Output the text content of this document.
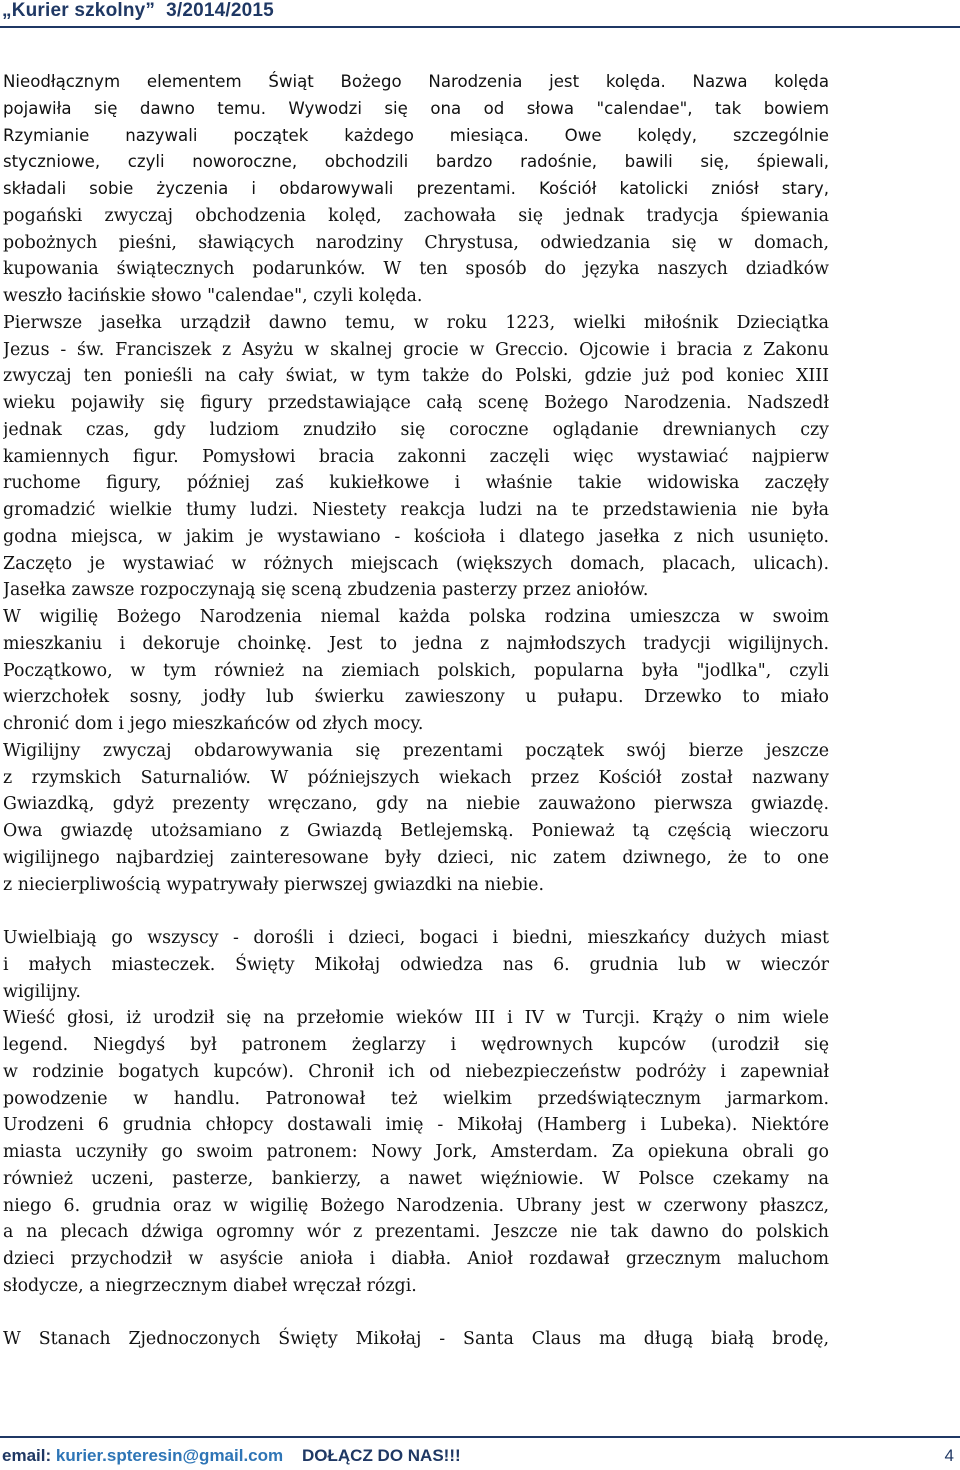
„Kurier szkolny”  3/2014/2015
Nieodłącznym elementem Świąt Bożego Narodzenia jest kolęda. Nazwa kolęda
pojawiła się dawno temu. Wywodzi się ona od słowa "calendae", tak bowiem
Rzymianie nazywali początek każdego miesiąca. Owe kolędy, szczególnie
styczniowe, czyli noworoczne, obchodzili bardzo radośnie, bawili się, śpiewali,
składali sobie życzenia i obdarowywali prezentami. Kościół katolicki zniósł stary,
pogański zwyczaj obchodzenia kolęd, zachowała się jednak tradycja śpiewania
pobożnych pieśni, sławiących narodziny Chrystusa, odwiedzania się w domach,
kupowania świątecznych podarunków. W ten sposób do języka naszych dziadków
weszło łacińskie słowo "calendae", czyli kolęda.
Pierwsze jasełka urządził dawno temu, w roku 1223, wielki miłośnik Dzieciątka
Jezus - św. Franciszek z Asyżu w skalnej grocie w Greccio. Ojcowie i bracia z Zakonu
zwyczaj ten ponieśli na cały świat, w tym także do Polski, gdzie już pod koniec XIII
wieku pojawiły się figury przedstawiające całą scenę Bożego Narodzenia. Nadszedł
jednak czas, gdy ludziom znudziło się coroczne oglądanie drewnianych czy
kamiennych figur. Pomysłowi bracia zakonni zaczęli więc wystawiać najpierw
ruchome figury, później zaś kukiełkowe i właśnie takie widowiska zaczęły
gromadzić wielkie tłumy ludzi. Niestety reakcja ludzi na te przedstawienia nie była
godna miejsca, w jakim je wystawiano - kościoła i dlatego jasełka z nich usunięto.
Zaczęto je wystawiać w różnych miejscach (większych domach, placach, ulicach).
Jasełka zawsze rozpoczynają się sceną zbudzenia pasterzy przez aniołów.
W wigilię Bożego Narodzenia niemal każda polska rodzina umieszcza w swoim
mieszkaniu i dekoruje choinkę. Jest to jedna z najmłodszych tradycji wigilijnych.
Początkowo, w tym również na ziemiach polskich, popularna była "jodlka", czyli
wierzchołek sosny, jodły lub świerku zawieszony u pułapu. Drzewko to miało
chronić dom i jego mieszkańców od złych mocy.
Wigilijny zwyczaj obdarowywania się prezentami początek swój bierze jeszcze
z rzymskich Saturnaliów. W późniejszych wiekach przez Kościół został nazwany
Gwiazdką, gdyż prezenty wręczano, gdy na niebie zauważono pierwsza gwiazdę.
Owa gwiazdę utożsamiano z Gwiazdą Betlejemską. Ponieważ tą częścią wieczoru
wigilijnego najbardziej zainteresowane były dzieci, nic zatem dziwnego, że to one
z niecierpliwością wypatrywały pierwszej gwiazdki na niebie.
Uwielbiają go wszyscy - dorośli i dzieci, bogaci i biedni, mieszkańcy dużych miast
i małych miasteczek. Święty Mikołaj odwiedza nas 6. grudnia lub w wieczór
wigilijny.
Wieść głosi, iż urodził się na przełomie wieków III i IV w Turcji. Krąży o nim wiele
legend. Niegdyś był patronem żeglarzy i wędrownych kupców (urodził się
w rodzinie bogatych kupców). Chronił ich od niebezpieczeństw podróży i zapewniał
powodzenie w handlu. Patronował też wielkim przedświątecznym jarmarkom.
Urodzeni 6 grudnia chłopcy dostawali imię - Mikołaj (Hamberg i Lubeka). Niektóre
miasta uczyniły go swoim patronem: Nowy Jork, Amsterdam. Za opiekuna obrali go
również uczeni, pasterze, bankierzy, a nawet więźniowie. W Polsce czekamy na
niego 6. grudnia oraz w wigilię Bożego Narodzenia. Ubrany jest w czerwony płaszcz,
a na plecach dźwiga ogromny wór z prezentami. Jeszcze nie tak dawno do polskich
dzieci przychodził w asyście anioła i diabła. Anioł rozdawał grzecznym maluchom
słodycze, a niegrzecznym diabeł wręczał rózgi.
W Stanach Zjednoczonych Święty Mikołaj - Santa Claus ma długą białą brodę,
email: kurier.spteresin@gmail.com DOŁĄCZ DO NAS!!!	4
